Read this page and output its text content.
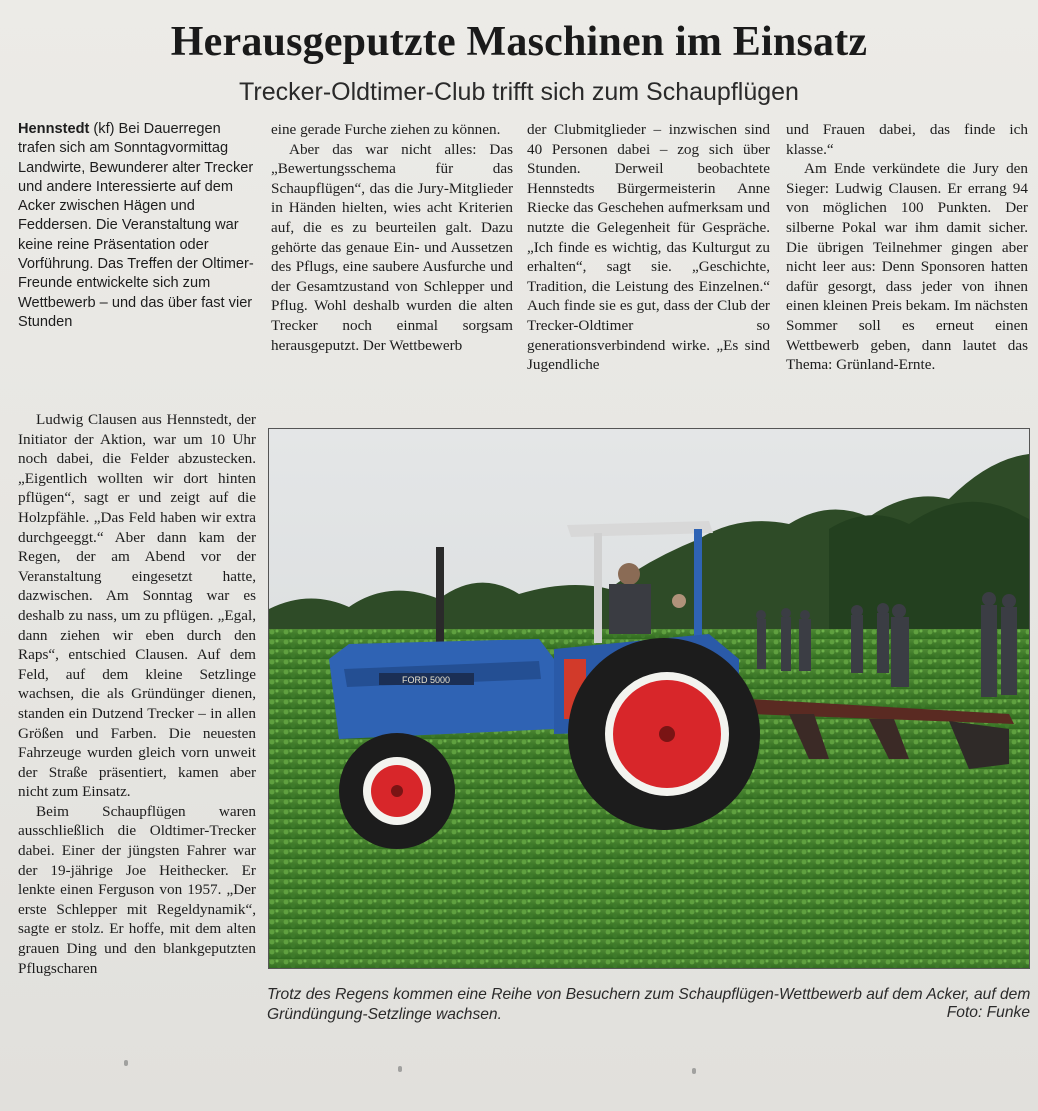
Herausgeputzte Maschinen im Einsatz
Trecker-Oldtimer-Club trifft sich zum Schaupflügen

Hennstedt (kf) Bei Dauerregen trafen sich am Sonntagvormittag Landwirte, Bewunderer alter Trecker und andere Interessierte auf dem Acker zwischen Hägen und Feddersen. Die Veranstaltung war keine reine Präsentation oder Vorführung. Das Treffen der Oltimer-Freunde entwickelte sich zum Wettbewerb – und das über fast vier Stunden

Ludwig Clausen aus Hennstedt, der Initiator der Aktion, war um 10 Uhr noch dabei, die Felder abzustecken. „Eigentlich wollten wir dort hinten pflügen“, sagt er und zeigt auf die Holzpfähle. „Das Feld haben wir extra durchgeeggt.“ Aber dann kam der Regen, der am Abend vor der Veranstaltung eingesetzt hatte, dazwischen. Am Sonntag war es deshalb zu nass, um zu pflügen. „Egal, dann ziehen wir eben durch den Raps“, entschied Clausen. Auf dem Feld, auf dem kleine Setzlinge wachsen, die als Gründünger dienen, standen ein Dutzend Trecker – in allen Größen und Farben. Die neuesten Fahrzeuge wurden gleich vorn unweit der Straße präsentiert, kamen aber nicht zum Einsatz.

Beim Schaupflügen waren ausschließlich die Oldtimer-Trecker dabei. Einer der jüngsten Fahrer war der 19-jährige Joe Heithecker. Er lenkte einen Ferguson von 1957. „Der erste Schlepper mit Regeldynamik“, sagte er stolz. Er hoffe, mit dem alten grauen Ding und den blankgeputzten Pflugscharen

eine gerade Furche ziehen zu können.

Aber das war nicht alles: Das „Bewertungsschema für das Schaupflügen“, das die Jury-Mitglieder in Händen hielten, wies acht Kriterien auf, die es zu beurteilen galt. Dazu gehörte das genaue Ein- und Aussetzen des Pflugs, eine saubere Ausfurche und der Gesamtzustand von Schlepper und Pflug. Wohl deshalb wurden die alten Trecker noch einmal sorgsam herausgeputzt. Der Wettbewerb

der Clubmitglieder – inzwischen sind 40 Personen dabei – zog sich über Stunden. Derweil beobachtete Hennstedts Bürgermeisterin Anne Riecke das Geschehen aufmerksam und nutzte die Gelegenheit für Gespräche. „Ich finde es wichtig, das Kulturgut zu erhalten“, sagt sie. „Geschichte, Tradition, die Leistung des Einzelnen.“ Auch finde sie es gut, dass der Club der Trecker-Oldtimer so generationsverbindend wirke. „Es sind Jugendliche

und Frauen dabei, das finde ich klasse.“

Am Ende verkündete die Jury den Sieger: Ludwig Clausen. Er errang 94 von möglichen 100 Punkten. Der silberne Pokal war ihm damit sicher. Die übrigen Teilnehmer gingen aber nicht leer aus: Denn Sponsoren hatten dafür gesorgt, dass jeder von ihnen einen kleinen Preis bekam. Im nächsten Sommer soll es erneut einen Wettbewerb geben, dann lautet das Thema: Grünland-Ernte.

FORD 5000
Trotz des Regens kommen eine Reihe von Besuchern zum Schaupflügen-Wettbewerb auf dem Acker, auf dem Gründüngung-Setzlinge wachsen.	Foto: Funke
